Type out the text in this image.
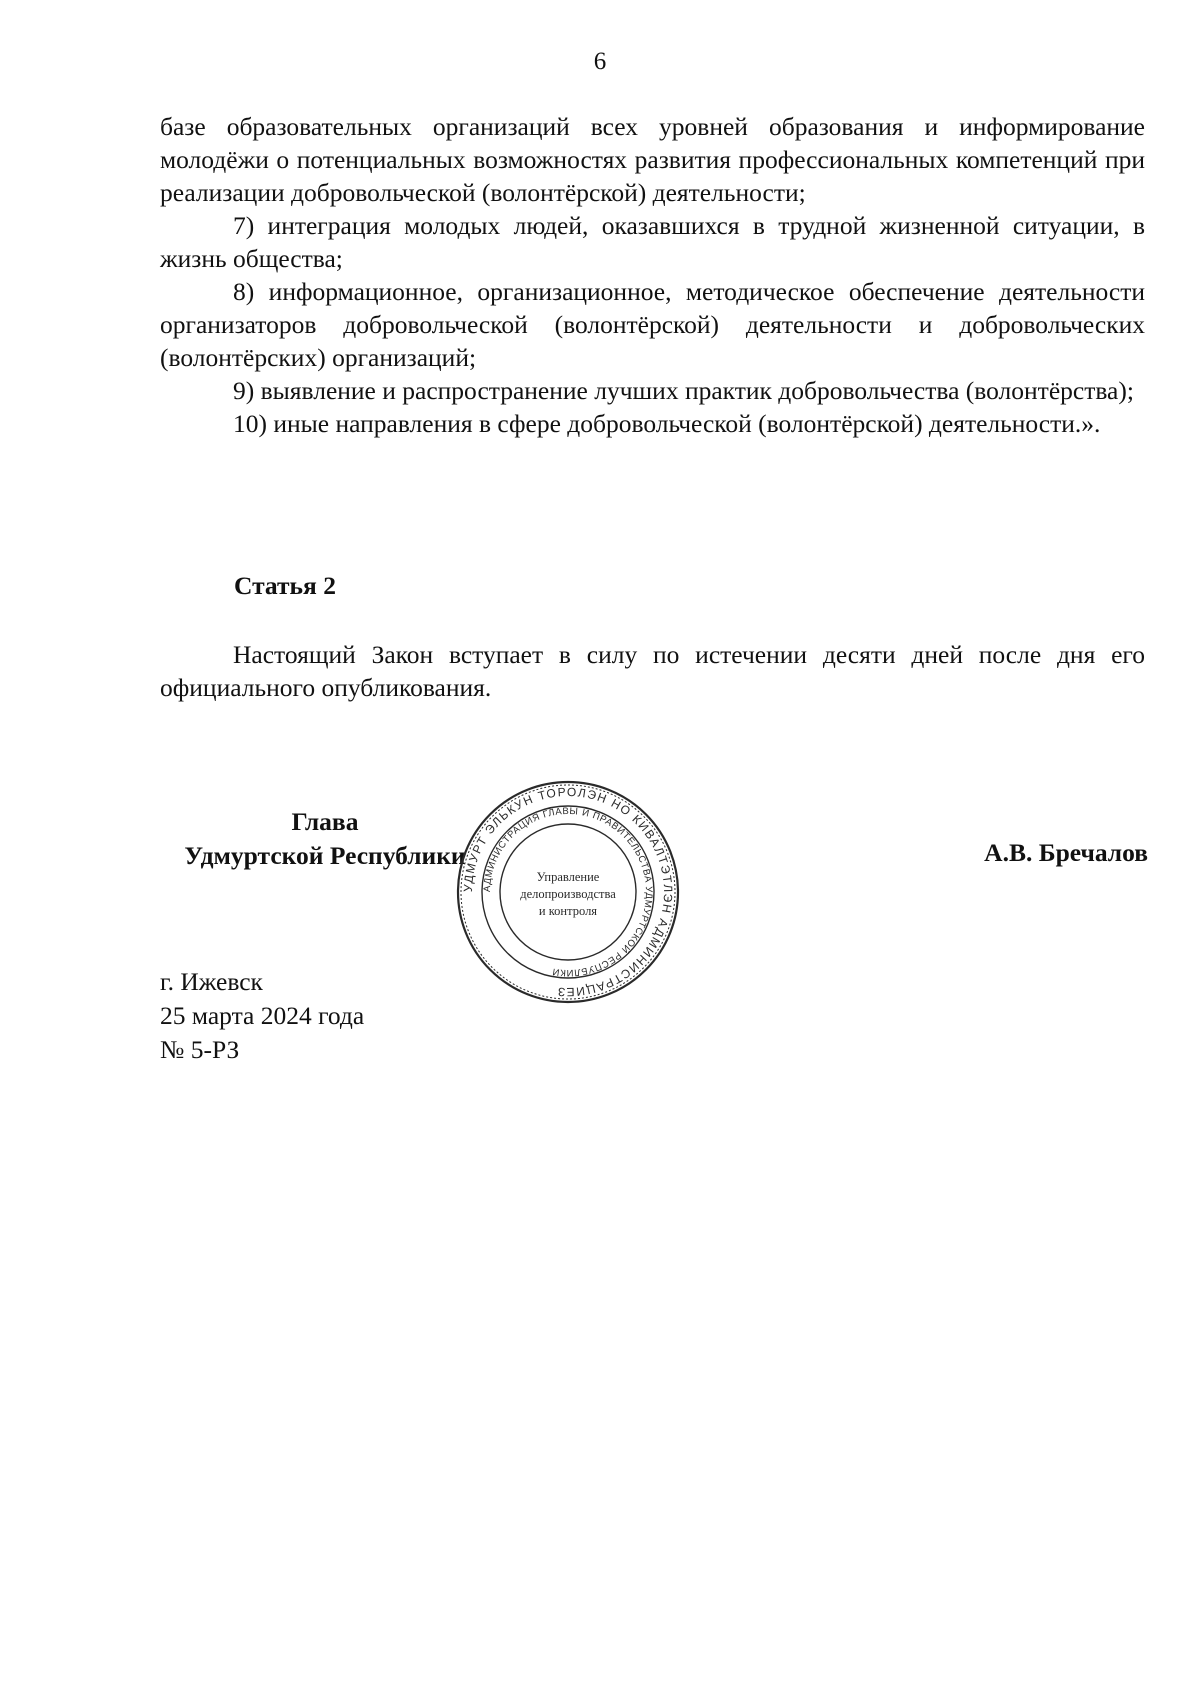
6

базе образовательных организаций всех уровней образования и информирование молодёжи о потенциальных возможностях развития профессиональных компетенций при реализации добровольческой (волонтёрской) деятельности;

7) интеграция молодых людей, оказавшихся в трудной жизненной ситуации, в жизнь общества;

8) информационное, организационное, методическое обеспечение деятельности организаторов добровольческой (волонтёрской) деятельности и добровольческих (волонтёрских) организаций;

9) выявление и распространение лучших практик добровольчества (волонтёрства);

10) иные направления в сфере добровольческой (волонтёрской) деятельности.».

Статья 2

Настоящий Закон вступает в силу по истечении десяти дней после дня его официального опубликования.

Глава
Удмуртской Республики
УДМУРТ ЭЛЬКУН ТОРОЛЭН НО КИВАЛТЭТЛЭН АДМИНИСТРАЦИЕЗ
АДМИНИСТРАЦИЯ ГЛАВЫ И ПРАВИТЕЛЬСТВА УДМУРТСКОЙ РЕСПУБЛИКИ
Управление
делопроизводства
и контроля
А.В. Бречалов
г. Ижевск
25 марта 2024 года
№ 5-РЗ
